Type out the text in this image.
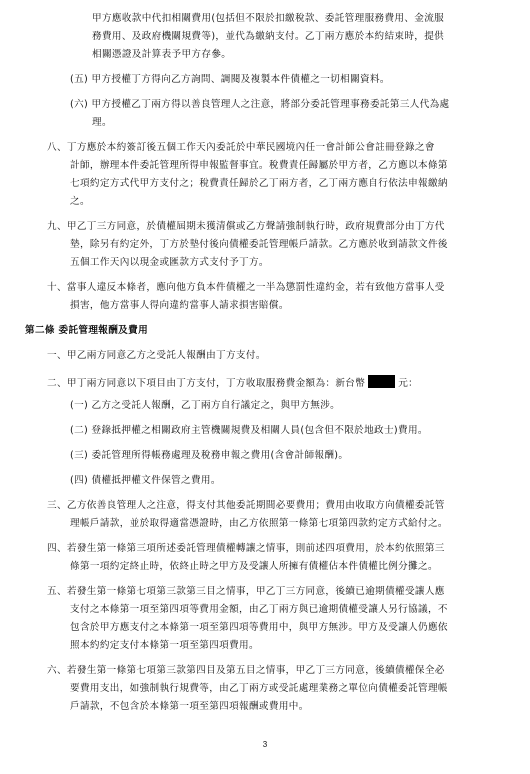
甲方應收款中代扣相關費用(包括但不限於扣繳稅款、委託管理服務費用、金流服
務費用、及政府機關規費等)，並代為繳納支付。乙丁兩方應於本約結束時，提供
相關憑證及計算表予甲方存參。
(五) 甲方授權丁方得向乙方詢問、調閱及複製本件債權之一切相關資料。
(六) 甲方授權乙丁兩方得以善良管理人之注意，將部分委託管理事務委託第三人代為處
理。
八、丁方應於本約簽訂後五個工作天內委託於中華民國境內任一會計師公會註冊登錄之會
計師，辦理本件委託管理所得申報監督事宜。稅費責任歸屬於甲方者，乙方應以本條第
七項約定方式代甲方支付之；稅費責任歸於乙丁兩方者，乙丁兩方應自行依法申報繳納
之。
九、甲乙丁三方同意，於債權屆期未獲清償或乙方聲請強制執行時，政府規費部分由丁方代
墊，除另有約定外，丁方於墊付後向債權委託管理帳戶請款。乙方應於收到請款文件後
五個工作天內以現金或匯款方式支付予丁方。
十、當事人違反本條者，應向他方負本件債權之一半為懲罰性違約金，若有致他方當事人受
損害，他方當事人得向違約當事人請求損害賠償。
第二條 委託管理報酬及費用
一、甲乙兩方同意乙方之受託人報酬由丁方支付。
二、甲丁兩方同意以下項目由丁方支付，丁方收取服務費金額為：新台幣	元：
(一) 乙方之受託人報酬，乙丁兩方自行議定之，與甲方無涉。
(二) 登錄抵押權之相關政府主管機關規費及相關人員(包含但不限於地政士)費用。
(三) 委託管理所得帳務處理及稅務申報之費用(含會計師報酬)。
(四) 債權抵押權文件保管之費用。
三、乙方依善良管理人之注意，得支付其他委託期間必要費用；費用由收取方向債權委託管
理帳戶請款，並於取得適當憑證時，由乙方依照第一條第七項第四款約定方式給付之。
四、若發生第一條第三項所述委託管理債權轉讓之情事，則前述四項費用，於本約依照第三
條第一項約定終止時，依終止時之甲方及受讓人所擁有債權佔本件債權比例分攤之。
五、若發生第一條第七項第三款第三目之情事，甲乙丁三方同意，後續已逾期債權受讓人應
支付之本條第一項至第四項等費用金額，由乙丁兩方與已逾期債權受讓人另行協議，不
包含於甲方應支付之本條第一項至第四項等費用中，與甲方無涉。甲方及受讓人仍應依
照本約約定支付本條第一項至第四項費用。
六、若發生第一條第七項第三款第四目及第五目之情事，甲乙丁三方同意，後續債權保全必
要費用支出，如強制執行規費等，由乙丁兩方或受託處理業務之單位向債權委託管理帳
戶請款，不包含於本條第一項至第四項報酬或費用中。
3
